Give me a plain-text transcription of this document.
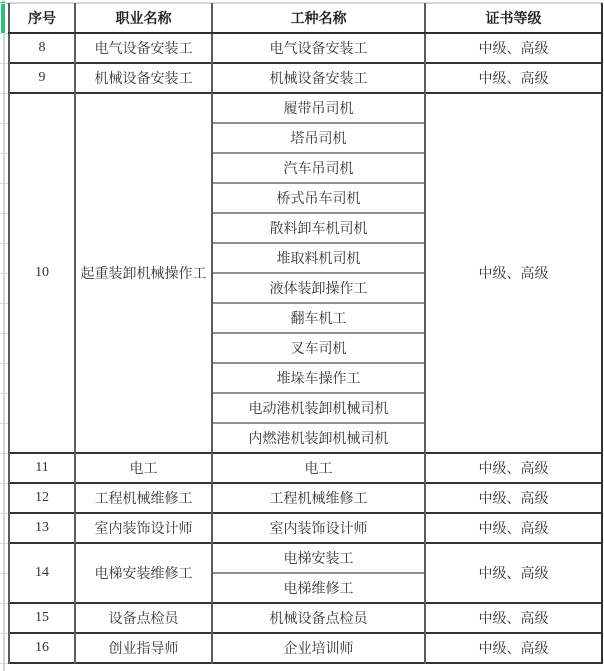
序号	职业名称	工种名称	证书等级
8	电气设备安装工	电气设备安装工	中级、高级
9	机械设备安装工	机械设备安装工	中级、高级
10	起重装卸机械操作工	履带吊司机	中级、高级
		塔吊司机	
		汽车吊司机	
		桥式吊车司机	
		散料卸车机司机	
		堆取料机司机	
		液体装卸操作工	
		翻车机工	
		叉车司机	
		堆垛车操作工	
		电动港机装卸机械司机	
		内燃港机装卸机械司机	
11	电工	电工	中级、高级
12	工程机械维修工	工程机械维修工	中级、高级
13	室内装饰设计师	室内装饰设计师	中级、高级
14	电梯安装维修工	电梯安装工	中级、高级
		电梯维修工	
15	设备点检员	机械设备点检员	中级、高级
16	创业指导师	企业培训师	中级、高级
